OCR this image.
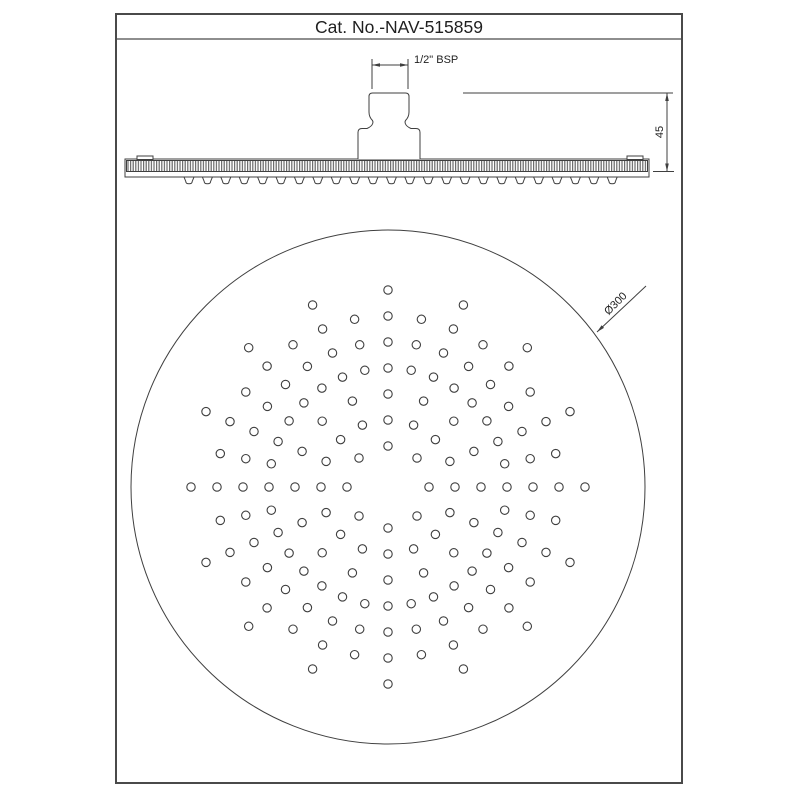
Cat. No.-NAV-515859
1/2" BSP
45
Ø300
